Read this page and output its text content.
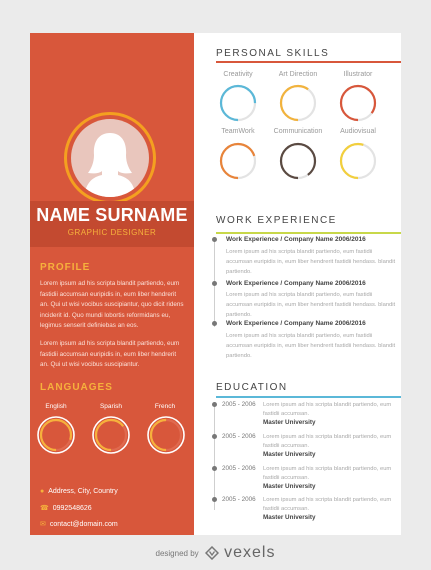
NAME SURNAME
GRAPHIC DESIGNER
PROFILE
Lorem ipsum ad his scripta blandit partiendo, eum fastidii accumsan euripidis in, eum liber hendrerit an. Qui ut wisi vocibus suscipiantur, quo dicit ridens inciderit id. Quo mundi lobortis reformidans eu, legimus senserit definiebas an eos.
Lorem ipsum ad his scripta blandit partiendo, eum fastidii accumsan euripidis in, eum liber hendrerit an. Qui ut wisi vocibus suscipiantur.
LANGUAGES
English	Sparish	French
● Address, City, Country
☎ 0992548626
✉ contact@domain.com
PERSONAL SKILLS
Creativity	Art Direction	Illustrator
TeamWork	Communication	Audiovisual
WORK EXPERIENCE
Work Experience / Company Name 2006/2016
Lorem ipsum ad his scripta blandit partiendo, eum fastidii accumsan euripidis in, eum liber hendrerit fastidii hendass. blandit partiendo.
Work Experience / Company Name 2006/2016
Lorem ipsum ad his scripta blandit partiendo, eum fastidii accumsan euripidis in, eum liber hendrerit fastidii hendass. blandit partiendo.
Work Experience / Company Name 2006/2016
Lorem ipsum ad his scripta blandit partiendo, eum fastidii accumsan euripidis in, eum liber hendrerit fastidii hendass. blandit partiendo.
EDUCATION
2005 - 2006 Lorem ipsum ad his scripta blandit partiendo, eum fastidii accumsan.
Master University
2005 - 2006 Lorem ipsum ad his scripta blandit partiendo, eum fastidii accumsan.
Master University
2005 - 2006 Lorem ipsum ad his scripta blandit partiendo, eum fastidii accumsan.
Master University
2005 - 2006 Lorem ipsum ad his scripta blandit partiendo, eum fastidii accumsan.
Master University
designed by vexels
